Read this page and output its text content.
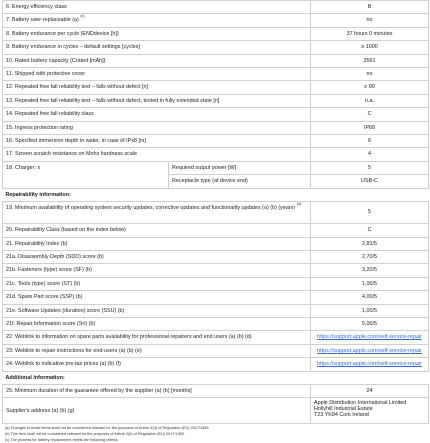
6. Energy efficiency class		B
7. Battery user-replaceable (a) $^{(c)}$		no
8. Battery endurance per cycle (ENDdevice [h])		37 hours 0 minutes
9. Battery endurance in cycles – default settings [cycles]		≥ 1000
10. Rated battery capacity (Crated [mAh])		3561
11. Shipped with protective cover		no
12. Repeated free fall reliability test – falls without defect [n]		≥ 90
13. Repeated free fall reliability test – falls without defect, tested in fully extended state [n]		n.a.
14. Repeated free fall reliability class		C
15. Ingress protection rating		IP68
16. Specified immersion depth in water, in case of IPx8 [m]		6
17. Screen scratch resistance on Mohs hardness scale		4
18. Charger: x	Required output power [W]	5
	Receptacle type (at device end)	USB-C
Repairability information:		
19. Minimum availability of operating system security updates, corrective updates and functionality updates (a) (b) (years) $^{(d)}$		5
20. Repairability Class (based on the index below)		C
21. Repairability Index (b)		2,81/5
21a. Disassembly Depth (SDD) score (b)		2,70/5
21b. Fasteners (type) score (SF) (b)		3,20/5
21c. Tools (type) score (ST) (b)		1,00/5
21d. Spare Part score (SSP) (b)		4,00/5
21e. Software Updates (duration) score (SSU) (b)		1,00/5
21f. Repair Information score (Sri) (b)		5,00/5
22. Weblink to information on spare parts availability for professional repairers and end users (a) (b) (d)		https://support.apple.com/self-service-repair
23. Weblink to repair instructions for end-users (a) (b) (e)		https://support.apple.com/self-service-repair
24. Weblink to indicative pre-tax prices (a) (b) (f)		https://support.apple.com/self-service-repair
Additional information:		
25. Minimum duration of the guarantee offered by the supplier (a) (b) [months]		24
Supplier's address (a) (b) (g)		Apple Distribution International Limited
Hollyhill Industrial Estate
T23 YK84 Cork Ireland
(a) Changes to these items shall not be considered relevant for the purposes of Article 4(4) of Regulation (EU) 2017/1369.
(b) This item shall not be considered relevant for the purposes of Article 2(6) of Regulation (EU) 2017/1369.
(c) The process for battery replacement meets the following criteria:
